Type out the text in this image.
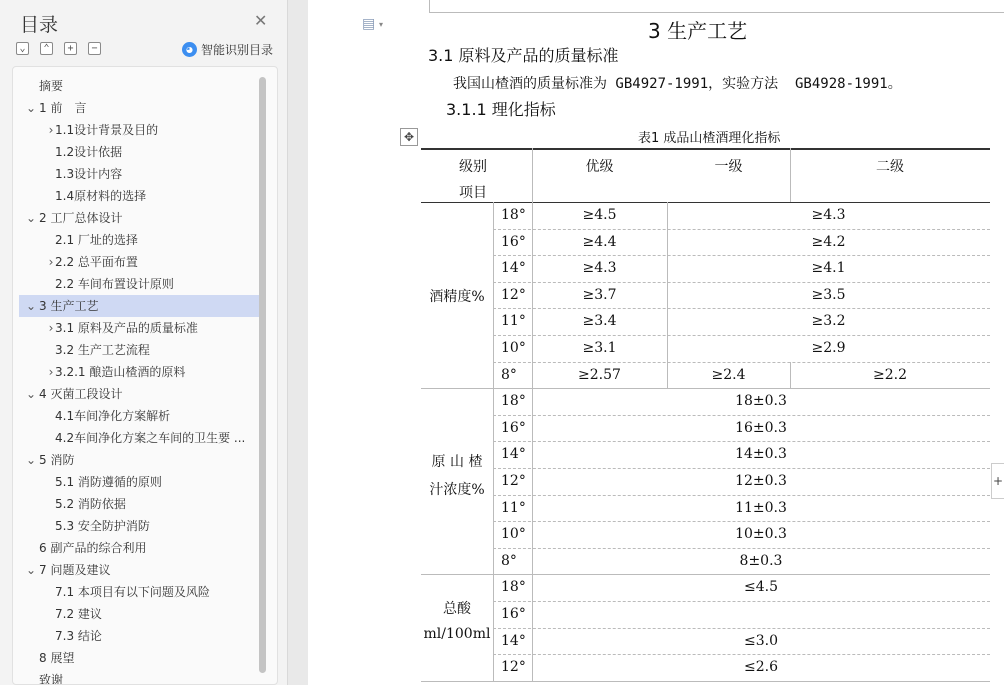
目录	✕
⌄	⌃	+	−	◕ 智能识别目录
摘要
⌄ 1 前　言
› 1.1设计背景及目的
1.2设计依据
1.3设计内容
1.4原材料的选择
⌄ 2 工厂总体设计
2.1 厂址的选择
› 2.2 总平面布置
2.2 车间布置设计原则
⌄ 3 生产工艺
› 3.1 原料及产品的质量标准
3.2 生产工艺流程
› 3.2.1 酿造山楂酒的原料
⌄ 4 灭菌工段设计
4.1车间净化方案解析
4.2车间净化方案之车间的卫生要 ...
⌄ 5 消防
5.1 消防遵循的原则
5.2 消防依据
5.3 安全防护消防
6 副产品的综合利用
⌄ 7 问题及建议
7.1 本项目有以下问题及风险
7.2 建议
7.3 结论
8 展望
致谢
▤ ▾	3 生产工艺
3.1 原料及产品的质量标准
我国山楂酒的质量标准为 GB4927-1991，实验方法  GB4928-1991。
3.1.1 理化指标
✥	表1 成品山楂酒理化指标
级别
项目
优级	一级	二级
酒精度%
18°	≥4.5	≥4.3
16°	≥4.4	≥4.2
14°	≥4.3	≥4.1
12°	≥3.7	≥3.5
11°	≥3.4	≥3.2
10°	≥3.1	≥2.9
8°	≥2.57	≥2.4	≥2.2
原 山 楂
汁浓度%
18°	18±0.3
16°	16±0.3
14°	14±0.3
12°	12±0.3
11°	11±0.3
10°	10±0.3
8°	8±0.3
总酸
ml/100ml
18°	≤4.5
16°
14°	≤3.0
12°	≤2.6
+
